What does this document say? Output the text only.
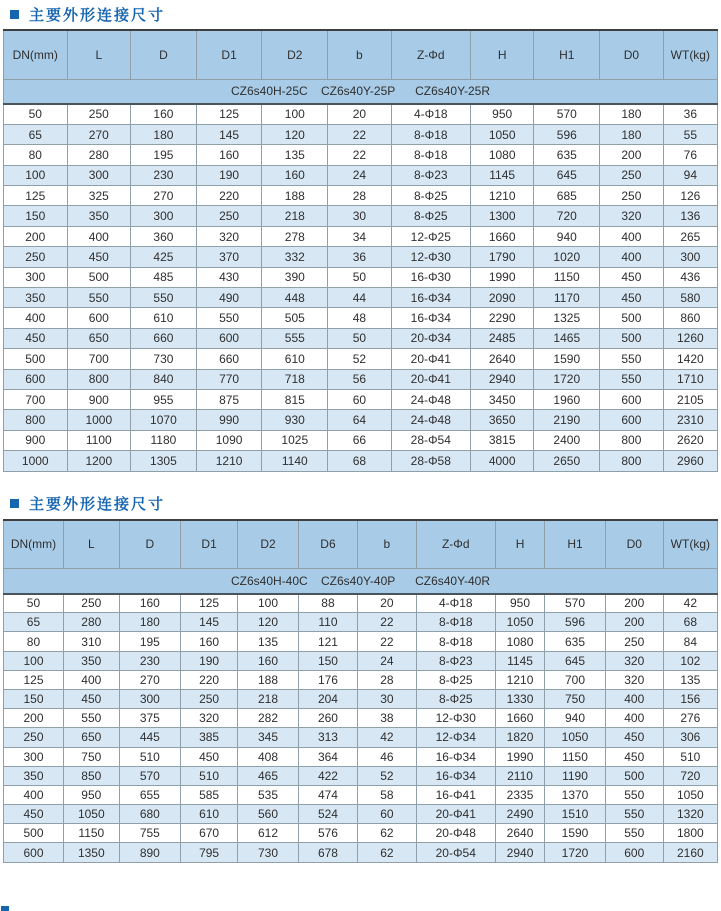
主要外形连接尺寸
DN(mm)	L	D	D1	D2	b	Z-Φd	H	H1	D0	WT(kg)
CZ6s40H-25C    CZ6s40Y-25P      CZ6s40Y-25R										
50	250	160	125	100	20	4-Φ18	950	570	180	36
65	270	180	145	120	22	8-Φ18	1050	596	180	55
80	280	195	160	135	22	8-Φ18	1080	635	200	76
100	300	230	190	160	24	8-Φ23	1145	645	250	94
125	325	270	220	188	28	8-Φ25	1210	685	250	126
150	350	300	250	218	30	8-Φ25	1300	720	320	136
200	400	360	320	278	34	12-Φ25	1660	940	400	265
250	450	425	370	332	36	12-Φ30	1790	1020	400	300
300	500	485	430	390	50	16-Φ30	1990	1150	450	436
350	550	550	490	448	44	16-Φ34	2090	1170	450	580
400	600	610	550	505	48	16-Φ34	2290	1325	500	860
450	650	660	600	555	50	20-Φ34	2485	1465	500	1260
500	700	730	660	610	52	20-Φ41	2640	1590	550	1420
600	800	840	770	718	56	20-Φ41	2940	1720	550	1710
700	900	955	875	815	60	24-Φ48	3450	1960	600	2105
800	1000	1070	990	930	64	24-Φ48	3650	2190	600	2310
900	1100	1180	1090	1025	66	28-Φ54	3815	2400	800	2620
1000	1200	1305	1210	1140	68	28-Φ58	4000	2650	800	2960
主要外形连接尺寸
DN(mm)	L	D	D1	D2	D6	b	Z-Φd	H	H1	D0	WT(kg)
CZ6s40H-40C    CZ6s40Y-40P      CZ6s40Y-40R											
50	250	160	125	100	88	20	4-Φ18	950	570	200	42
65	280	180	145	120	110	22	8-Φ18	1050	596	200	68
80	310	195	160	135	121	22	8-Φ18	1080	635	250	84
100	350	230	190	160	150	24	8-Φ23	1145	645	320	102
125	400	270	220	188	176	28	8-Φ25	1210	700	320	135
150	450	300	250	218	204	30	8-Φ25	1330	750	400	156
200	550	375	320	282	260	38	12-Φ30	1660	940	400	276
250	650	445	385	345	313	42	12-Φ34	1820	1050	450	306
300	750	510	450	408	364	46	16-Φ34	1990	1150	450	510
350	850	570	510	465	422	52	16-Φ34	2110	1190	500	720
400	950	655	585	535	474	58	16-Φ41	2335	1370	550	1050
450	1050	680	610	560	524	60	20-Φ41	2490	1510	550	1320
500	1150	755	670	612	576	62	20-Φ48	2640	1590	550	1800
600	1350	890	795	730	678	62	20-Φ54	2940	1720	600	2160
